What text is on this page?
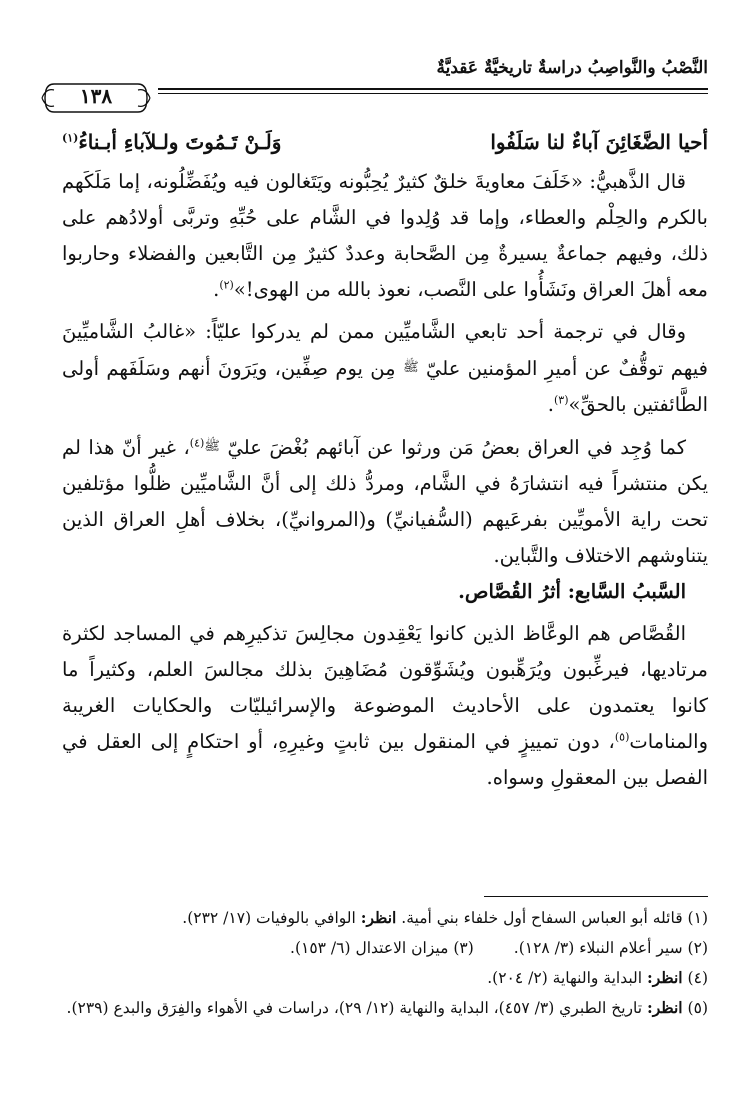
النَّصْبُ والنَّواصِبُ دراسةٌ تاريخيَّةٌ عَقديَّةٌ
١٣٨

أحيا الضَّغَائِنَ آباءٌ لنا سَلَفُوا
وَلَـنْ تَـمُوتَ ولـلآباءِ أبـناءُ$^{(١)}$

قال الذَّهبيُّ: «خَلَفَ معاويةَ خلقٌ كثيرٌ يُحِبُّونه ويَتَغالون فيه ويُفَضِّلُونه، إما مَلَكَهم بالكرم والحِلْم والعطاء، وإما قد وُلِدوا في الشَّام على حُبِّهِ وتربَّى أولادُهم على ذلك، وفيهم جماعةٌ يسيرةٌ مِن الصَّحابة وعددٌ كثيرٌ مِن التَّابعين والفضلاء وحاربوا معه أهلَ العراق ونَشَأُوا على النَّصب، نعوذ بالله من الهوى!»$^{(٢)}$.

وقال في ترجمة أحد تابعي الشَّاميِّين ممن لم يدركوا عليّاً: «غالبُ الشَّاميِّينَ فيهم توقُّفٌ عن أميرِ المؤمنين عليّ $^ﷺ$ مِن يوم صِفِّين، ويَرَونَ أنهم وسَلَفَهم أولى الطَّائفتين بالحقِّ»$^{(٣)}$.

كما وُجِد في العراق بعضُ مَن ورثوا عن آبائهم بُغْضَ عليّ $^{ﷺ(٤)}$، غير أنّ هذا لم يكن منتشراً فيه انتشارَهُ في الشَّام، ومردُّ ذلك إلى أنَّ الشَّاميِّين ظلُّوا مؤتلفين تحت راية الأمويِّين بفرعَيهم (السُّفيانيِّ) و(المروانيِّ)، بخلاف أهلِ العراق الذين يتناوشهم الاختلاف والتَّباين.

السَّببُ السَّابع: أثرُ القُصَّاص.

القُصَّاص هم الوعَّاظ الذين كانوا يَعْقِدون مجالِسَ تذكيرِهم في المساجد لكثرة مرتاديها، فيرغِّبون ويُرَهِّبون ويُشَوِّقون مُضَاهِينَ بذلك مجالسَ العلم، وكثيراً ما كانوا يعتمدون على الأحاديث الموضوعة والإسرائيليّات والحكايات الغريبة والمنامات$^{(٥)}$، دون تمييزٍ في المنقول بين ثابتٍ وغيرِهِ، أو احتكامٍ إلى العقل في الفصل بين المعقولِ وسواه.

(١) قائله أبو العباس السفاح أول خلفاء بني أمية. انظر: الوافي بالوفيات (١٧/ ٢٣٢).

(٢) سير أعلام النبلاء (٣/ ١٢٨).(٣) ميزان الاعتدال (٦/ ١٥٣).

(٤) انظر: البداية والنهاية (٢/ ٢٠٤).

(٥) انظر: تاريخ الطبري (٣/ ٤٥٧)، البداية والنهاية (١٢/ ٢٩)، دراسات في الأهواء والفِرَق والبدع (٢٣٩).
